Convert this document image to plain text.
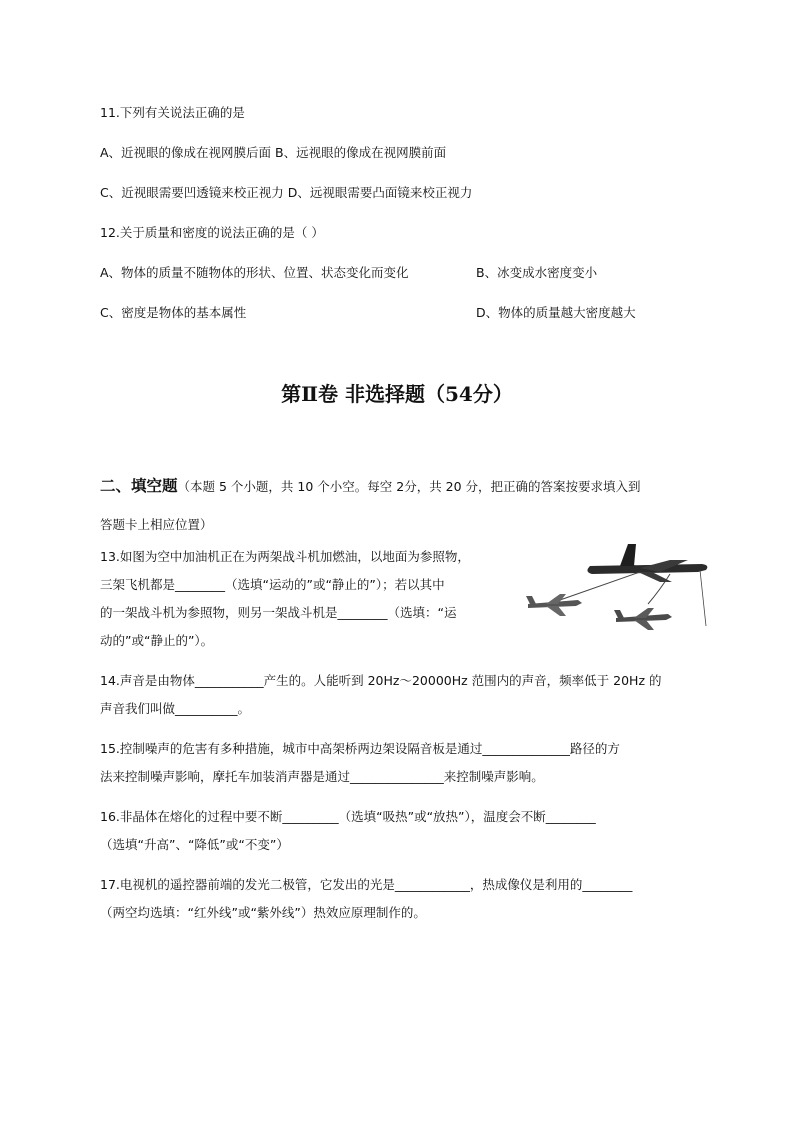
11.下列有关说法正确的是
A、近视眼的像成在视网膜后面 B、远视眼的像成在视网膜前面
C、近视眼需要凹透镜来校正视力 D、远视眼需要凸面镜来校正视力
12.关于质量和密度的说法正确的是（ ）
A、物体的质量不随物体的形状、位置、状态变化而变化	B、冰变成水密度变小
C、密度是物体的基本属性	D、物体的质量越大密度越大
第Ⅱ卷 非选择题（54分）
二、填空题（本题 5 个小题，共 10 个小空。每空 2分，共 20 分，把正确的答案按要求填入到
答题卡上相应位置）
13.如图为空中加油机正在为两架战斗机加燃油，以地面为参照物，
三架飞机都是________（选填“运动的”或“静止的”）；若以其中
的一架战斗机为参照物，则另一架战斗机是________（选填：“运
动的”或“静止的”）。
14.声音是由物体___________产生的。人能听到 20Hz～20000Hz 范围内的声音，频率低于 20Hz 的
声音我们叫做__________。
15.控制噪声的危害有多种措施，城市中高架桥两边架设隔音板是通过______________路径的方
法来控制噪声影响，摩托车加装消声器是通过_______________来控制噪声影响。
16.非晶体在熔化的过程中要不断_________（选填“吸热”或“放热”），温度会不断________
（选填“升高”、“降低”或“不变”）
17.电视机的遥控器前端的发光二极管，它发出的光是____________，热成像仪是利用的________
（两空均选填：“红外线”或“紫外线”）热效应原理制作的。
